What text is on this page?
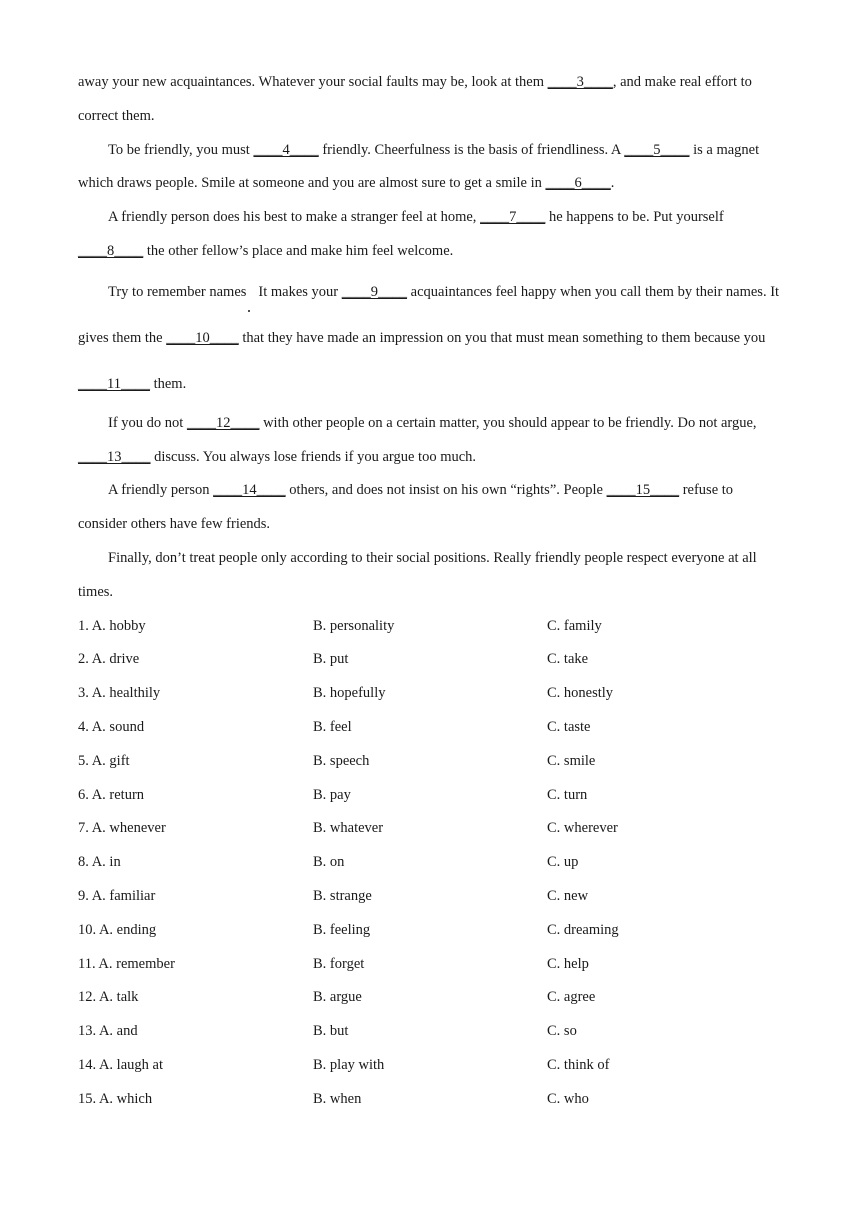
away your new acquaintances. Whatever your social faults may be, look at them ____3____, and make real effort to correct them.

To be friendly, you must ____4____ friendly. Cheerfulness is the basis of friendliness. A ____5____ is a magnet which draws people. Smile at someone and you are almost sure to get a smile in ____6____.

A friendly person does his best to make a stranger feel at home, ____7____ he happens to be. Put yourself ____8____ the other fellow’s place and make him feel welcome.

Try to remember names It makes your ____9____ acquaintances feel happy when you call them by their names. It gives them the ____10____ that they have made an impression on you that must mean something to them because you ____11____ them.

If you do not ____12____ with other people on a certain matter, you should appear to be friendly. Do not argue, ____13____ discuss. You always lose friends if you argue too much.

A friendly person ____14____ others, and does not insist on his own “rights”. People ____15____ refuse to consider others have few friends.

Finally, don’t treat people only according to their social positions. Really friendly people respect everyone at all times.

1. A. hobby	B. personality	C. family
2. A. drive	B. put	C. take
3. A. healthily	B. hopefully	C. honestly
4. A. sound	B. feel	C. taste
5. A. gift	B. speech	C. smile
6. A. return	B. pay	C. turn
7. A. whenever	B. whatever	C. wherever
8. A. in	B. on	C. up
9. A. familiar	B. strange	C. new
10. A. ending	B. feeling	C. dreaming
11. A. remember	B. forget	C. help
12. A. talk	B. argue	C. agree
13. A. and	B. but	C. so
14. A. laugh at	B. play with	C. think of
15. A. which	B. when	C. who
